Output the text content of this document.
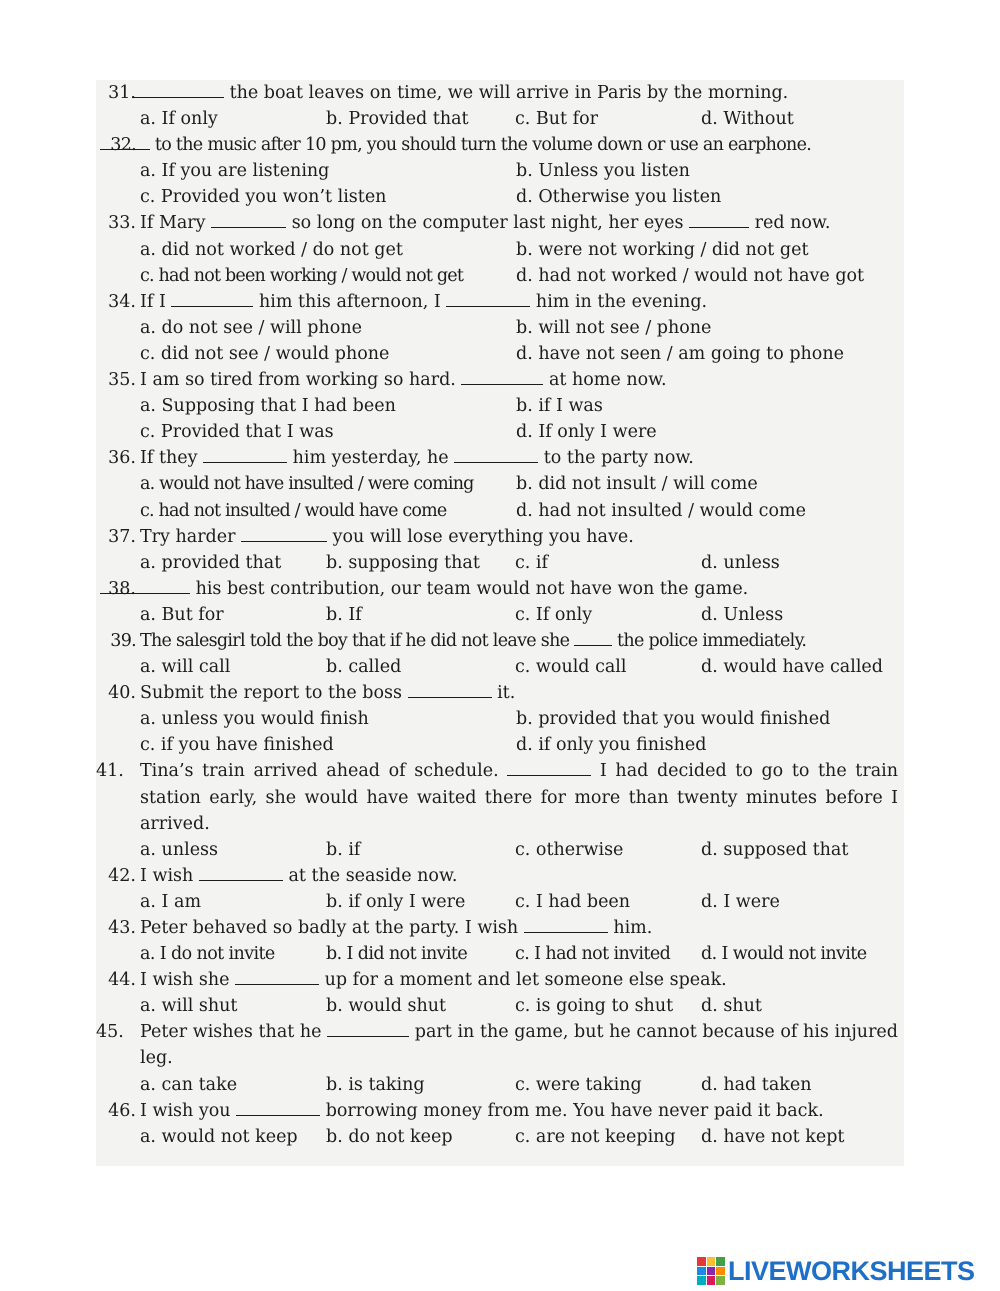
31.	the boat leaves on time, we will arrive in Paris by the morning.
a. If only	b. Provided that	c. But for	d. Without
32. to the music after 10 pm, you should turn the volume down or use an earphone.
a. If you are listening	b. Unless you listen
c. Provided you won’t listen	d. Otherwise you listen
33. If Mary	so long on the computer last night, her eyes	red now.
a. did not worked / do not get	b. were not working / did not get
c. had not been working / would not get	d. had not worked / would not have got
34. If I	him this afternoon, I	him in the evening.
a. do not see / will phone	b. will not see / phone
c. did not see / would phone	d. have not seen / am going to phone
35. I am so tired from working so hard.	at home now.
a. Supposing that I had been	b. if I was
c. Provided that I was	d. If only I were
36. If they	him yesterday, he	to the party now.
a. would not have insulted / were coming b. did not insult / will come
c. had not insulted / would have come	d. had not insulted / would come
37. Try harder	you will lose everything you have.
a. provided that	b. supposing that c. if	d. unless
38.	his best contribution, our team would not have won the game.
a. But for	b. If	c. If only	d. Unless
39. The salesgirl told the boy that if he did not leave she  the police immediately.
a. will call	b. called	c. would call	d. would have called
40. Submit the report to the boss	it.
a. unless you would finish	b. provided that you would finished
c. if you have finished	d. if only you finished
41. Tina’s train arrived ahead of schedule.	I had decided to go to the train station early, she would have waited there for more than twenty minutes before I arrived.
a. unless	b. if	c. otherwise	d. supposed that
42. I wish	at the seaside now.
a. I am	b. if only I were	c. I had been	d. I were
43. Peter behaved so badly at the party. I wish	him.
a. I do not invite	b. I did not invite	c. I had not invited d. I would not invite
44. I wish she	up for a moment and let someone else speak.
a. will shut	b. would shut	c. is going to shut d. shut
45. Peter wishes that he	part in the game, but he cannot because of his injured leg.
a. can take	b. is taking	c. were taking	d. had taken
46. I wish you	borrowing money from me. You have never paid it back.
a. would not keep b. do not keep	c. are not keeping d. have not kept
LIVEWORKSHEETS
